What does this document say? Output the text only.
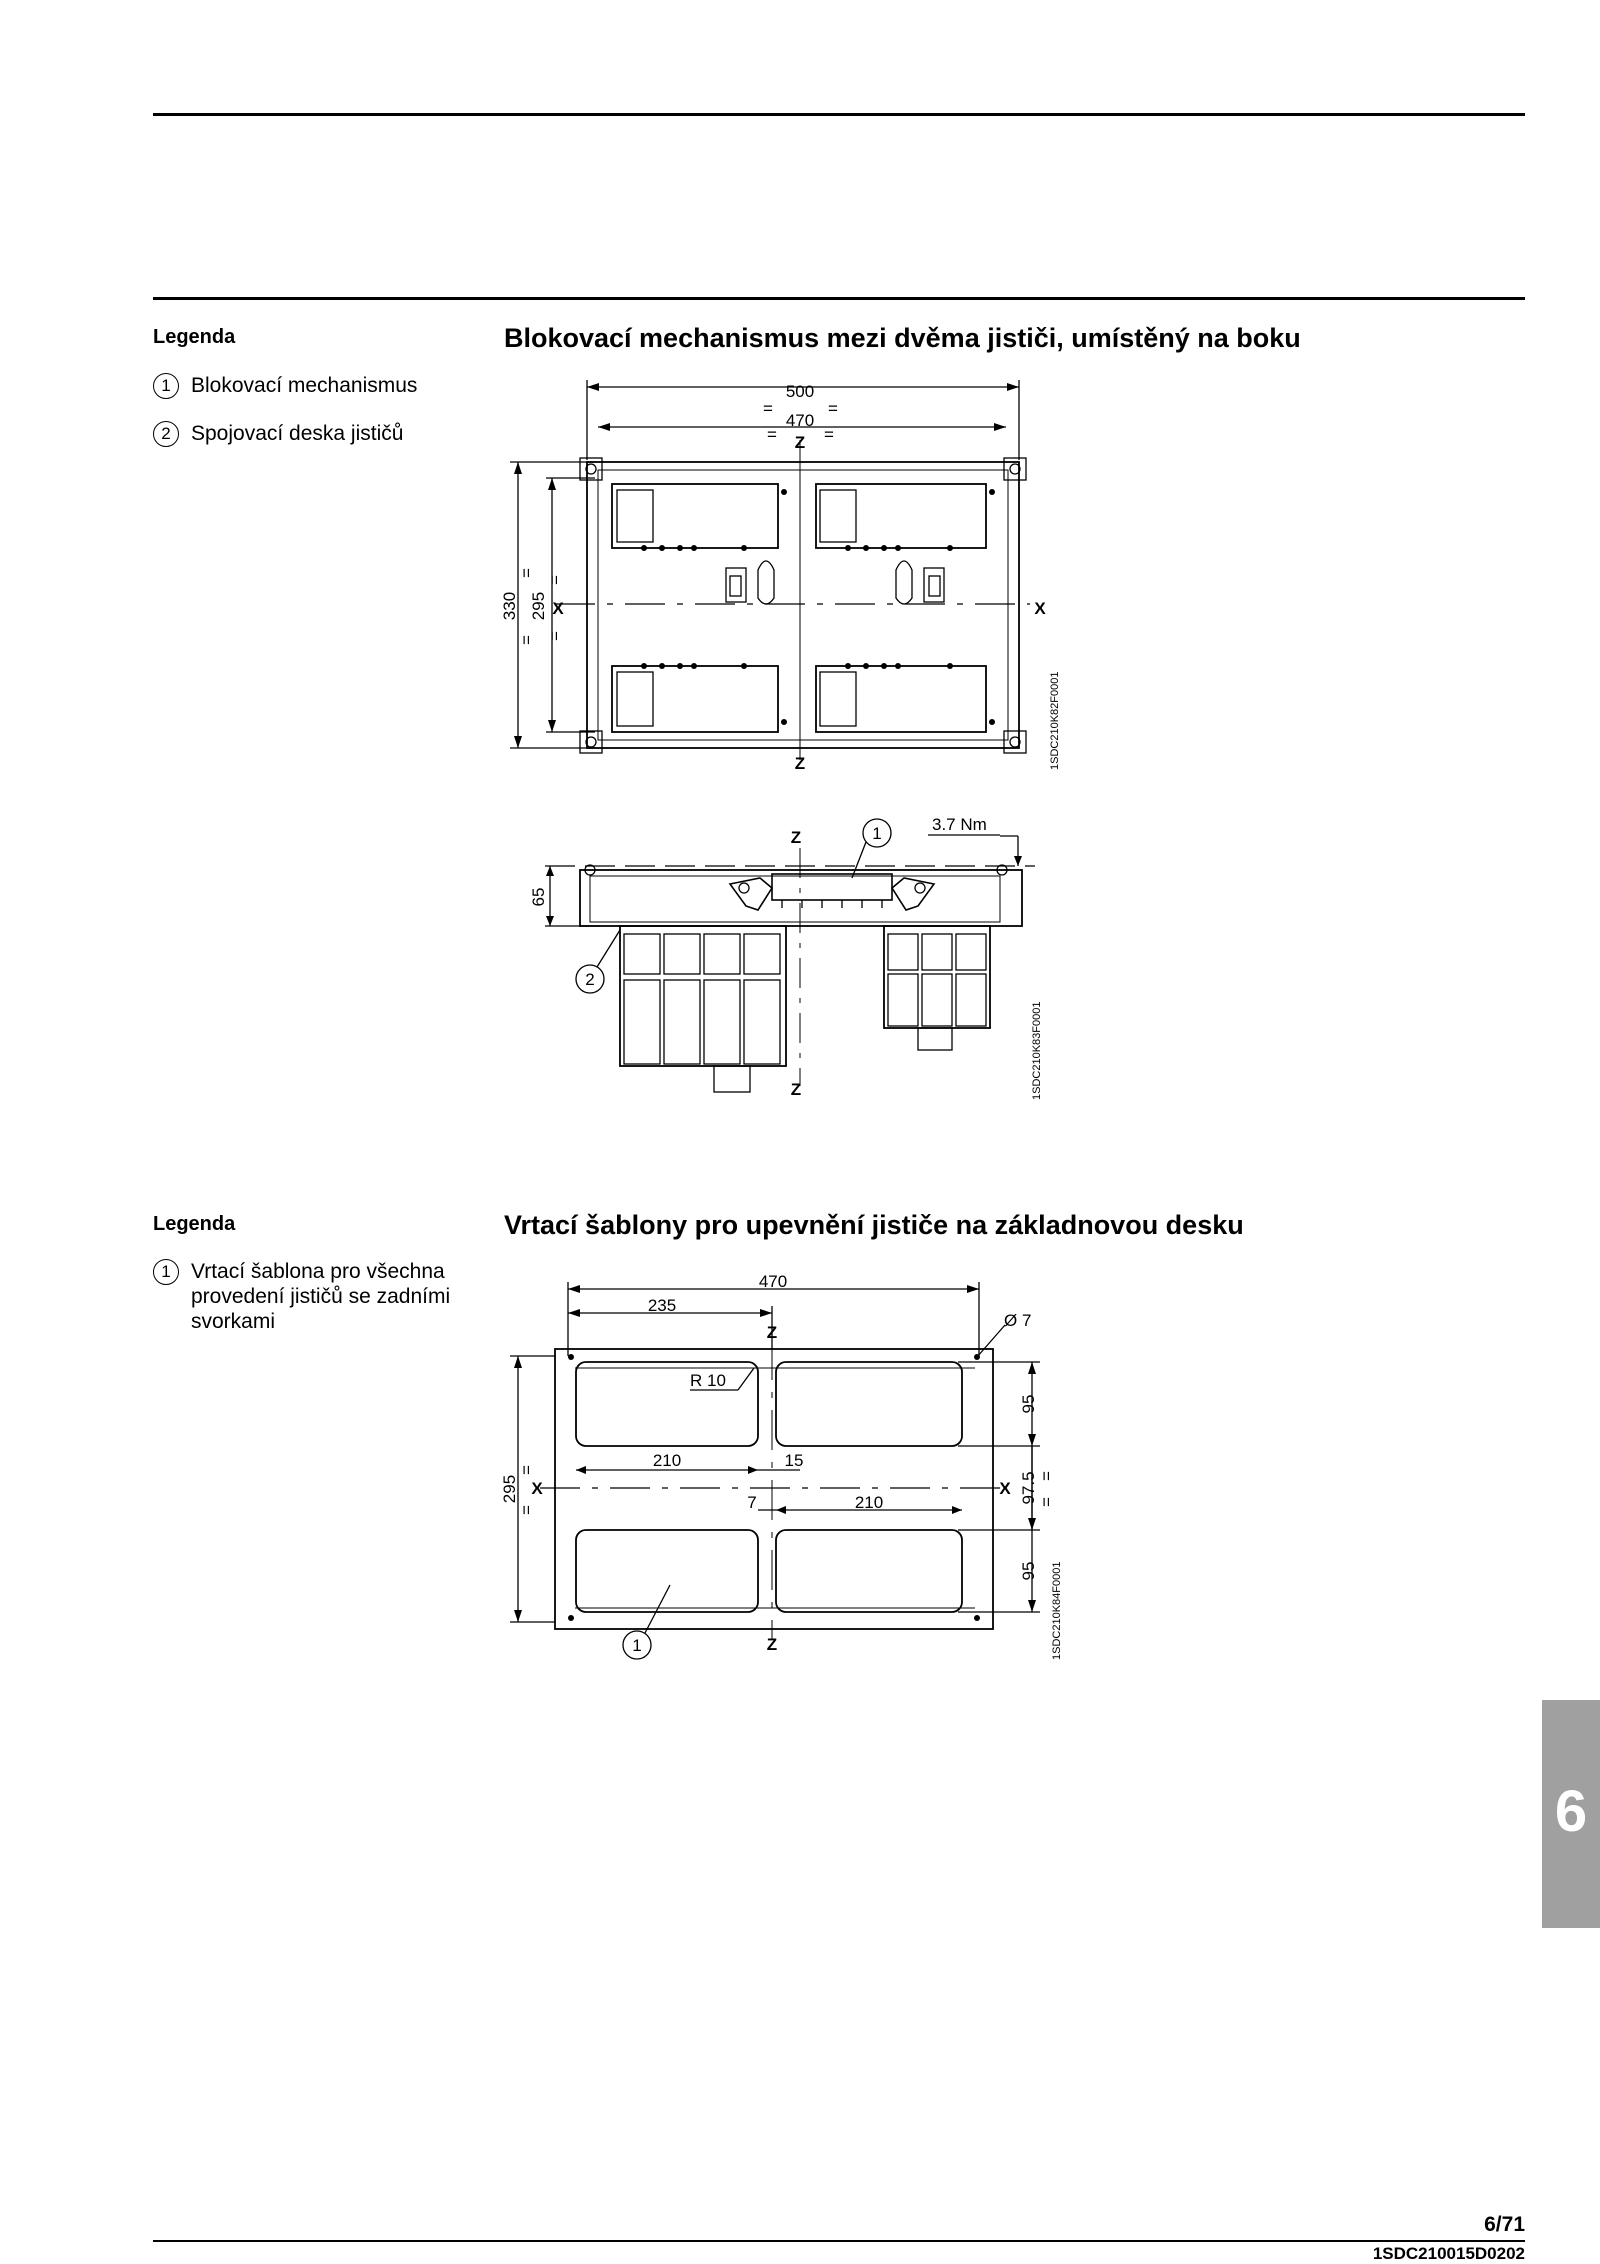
Legenda
1 Blokovací mechanismus
2 Spojovací deska jističů
Blokovací mechanismus mezi dvěma jističi, umístěný na boku
500
470
=	=
=	=
Z
Z
X	X
330 295
=
=
=
=
1SDC210K82F0001
Z
Z
1
2
3.7 Nm
65
1SDC210K83F0001
Legenda
1 Vrtací šablona pro všechna provedení jističů se zadními svorkami
Vrtací šablony pro upevnění jističe na základnovou desku
470
235
Z
Z
Ø 7
R 10
210	15
7	210
X	X
1
295
=
=
95
97.5 =
=
95 1SDC210K84F0001
6
6/71
1SDC210015D0202
